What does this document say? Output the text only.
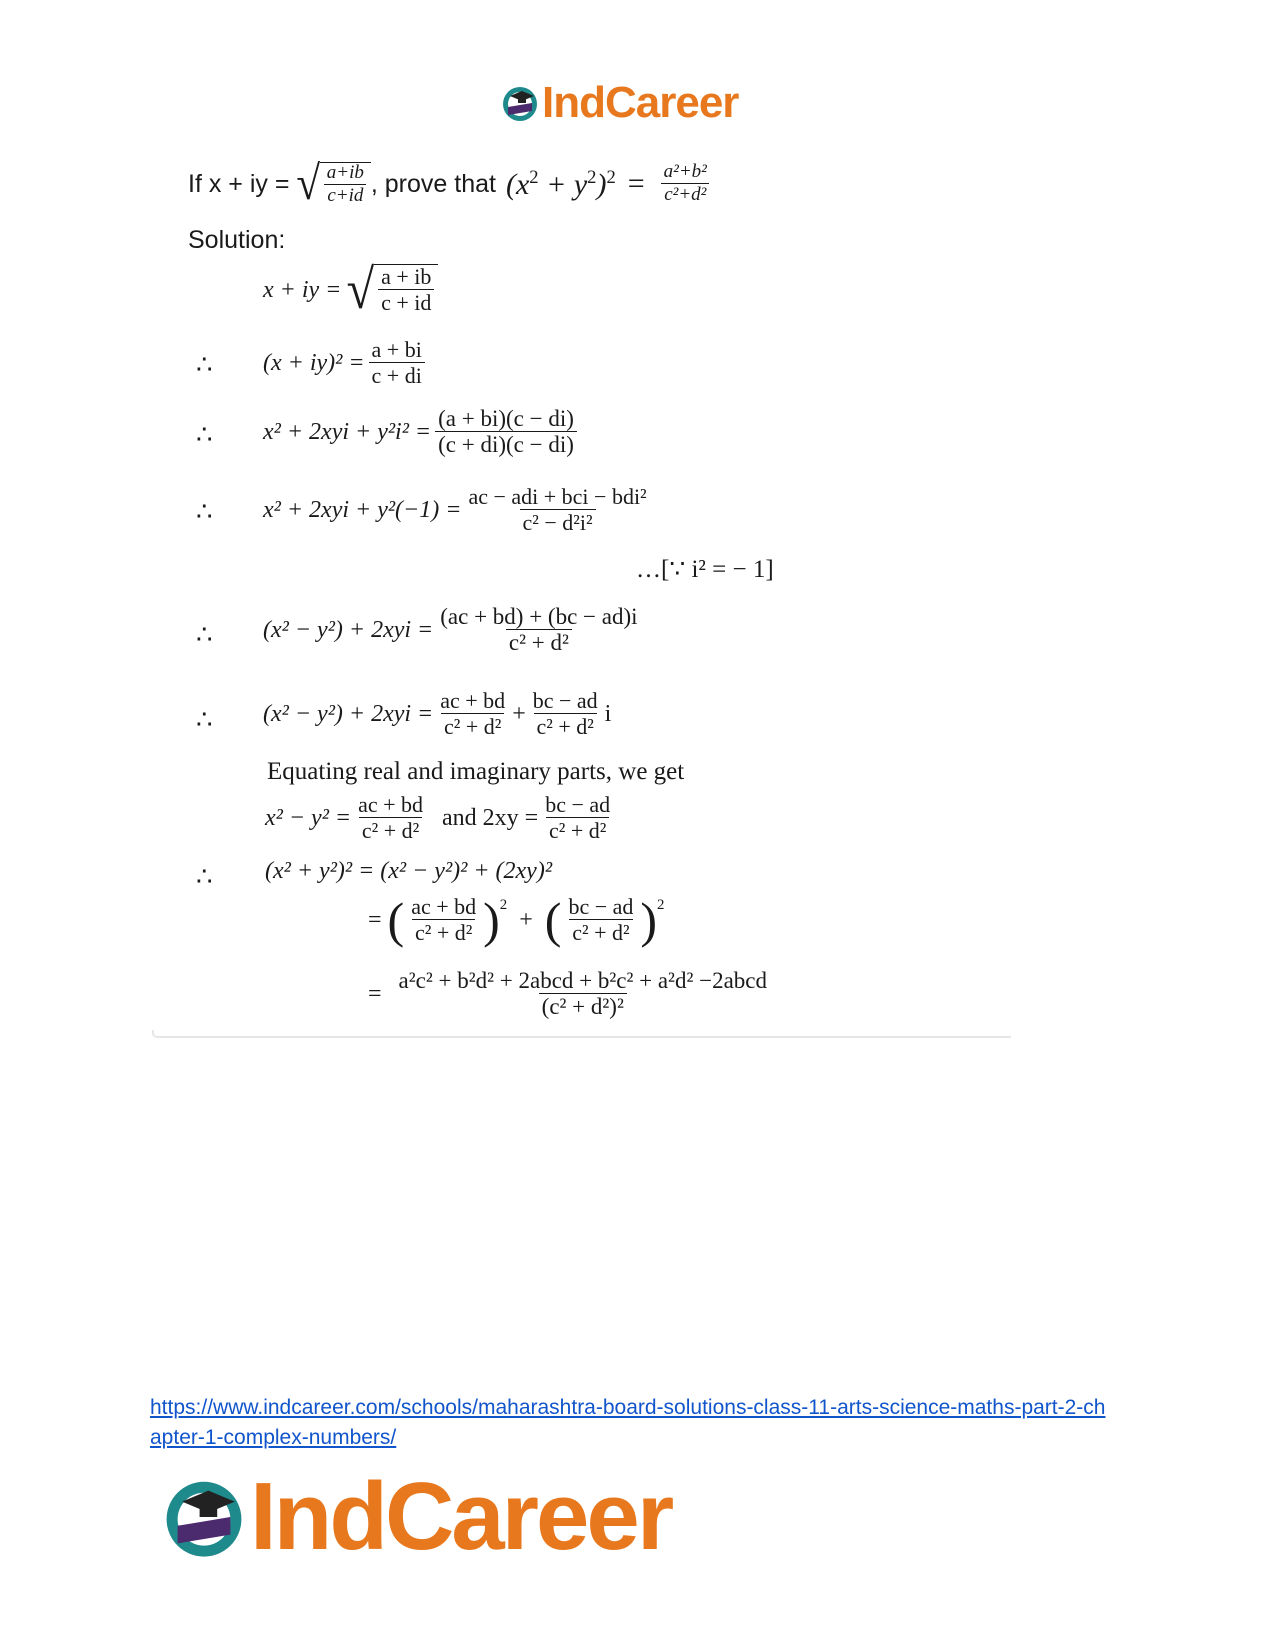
IndCareer
If x + iy = √ $\frac{a+ib}{c+id}$ , prove that $(x^2 + y^2)^2 = \frac{\text{a²+b²}}{\text{c²+d²}}$
Solution:
x + iy = √ $\frac{a + ib}{c + id}$
∴ $(x + iy)^2 = \frac{a + bi}{c + di}$
∴ $x^2 + 2xyi + y^2i^2 = \frac{(a + bi)(c - di)}{(c + di)(c - di)}$
∴ $x^2 + 2xyi + y^2(-1) = \frac{\text{ac − adi + bci − bdi²}}{\text{c² − d²i²}}$
…[∵ i² = − 1]
∴ $(x^2 - y^2) + 2xyi = \frac{(ac + bd) + (bc - ad)i}{\text{c² + d²}}$
∴ $(x^2 - y^2) + 2xyi = \frac{ac + bd}{\text{c² + d²}} + \frac{bc - ad}{\text{c² + d²}}$ i
Equating real and imaginary parts, we get
$x^2 - y^2 = \frac{ac + bd}{\text{c² + d²}}$ and $2xy = \frac{bc - ad}{\text{c² + d²}}$
∴ (x² + y²)² = (x² − y²)² + (2xy)²
= ( $\frac{ac + bd}{\text{c² + d²}} )^2$
+ ( $\frac{bc - ad}{\text{c² + d²}} )^2$
= $\frac{\text{a²c² + b²d² + 2abcd + b²c² + a²d² −2abcd}}{\text{(c² + d²)²}}$
https://www.indcareer.com/schools/maharashtra-board-solutions-class-11-arts-science-maths-part-2-chapter-1-complex-numbers/
IndCareer
